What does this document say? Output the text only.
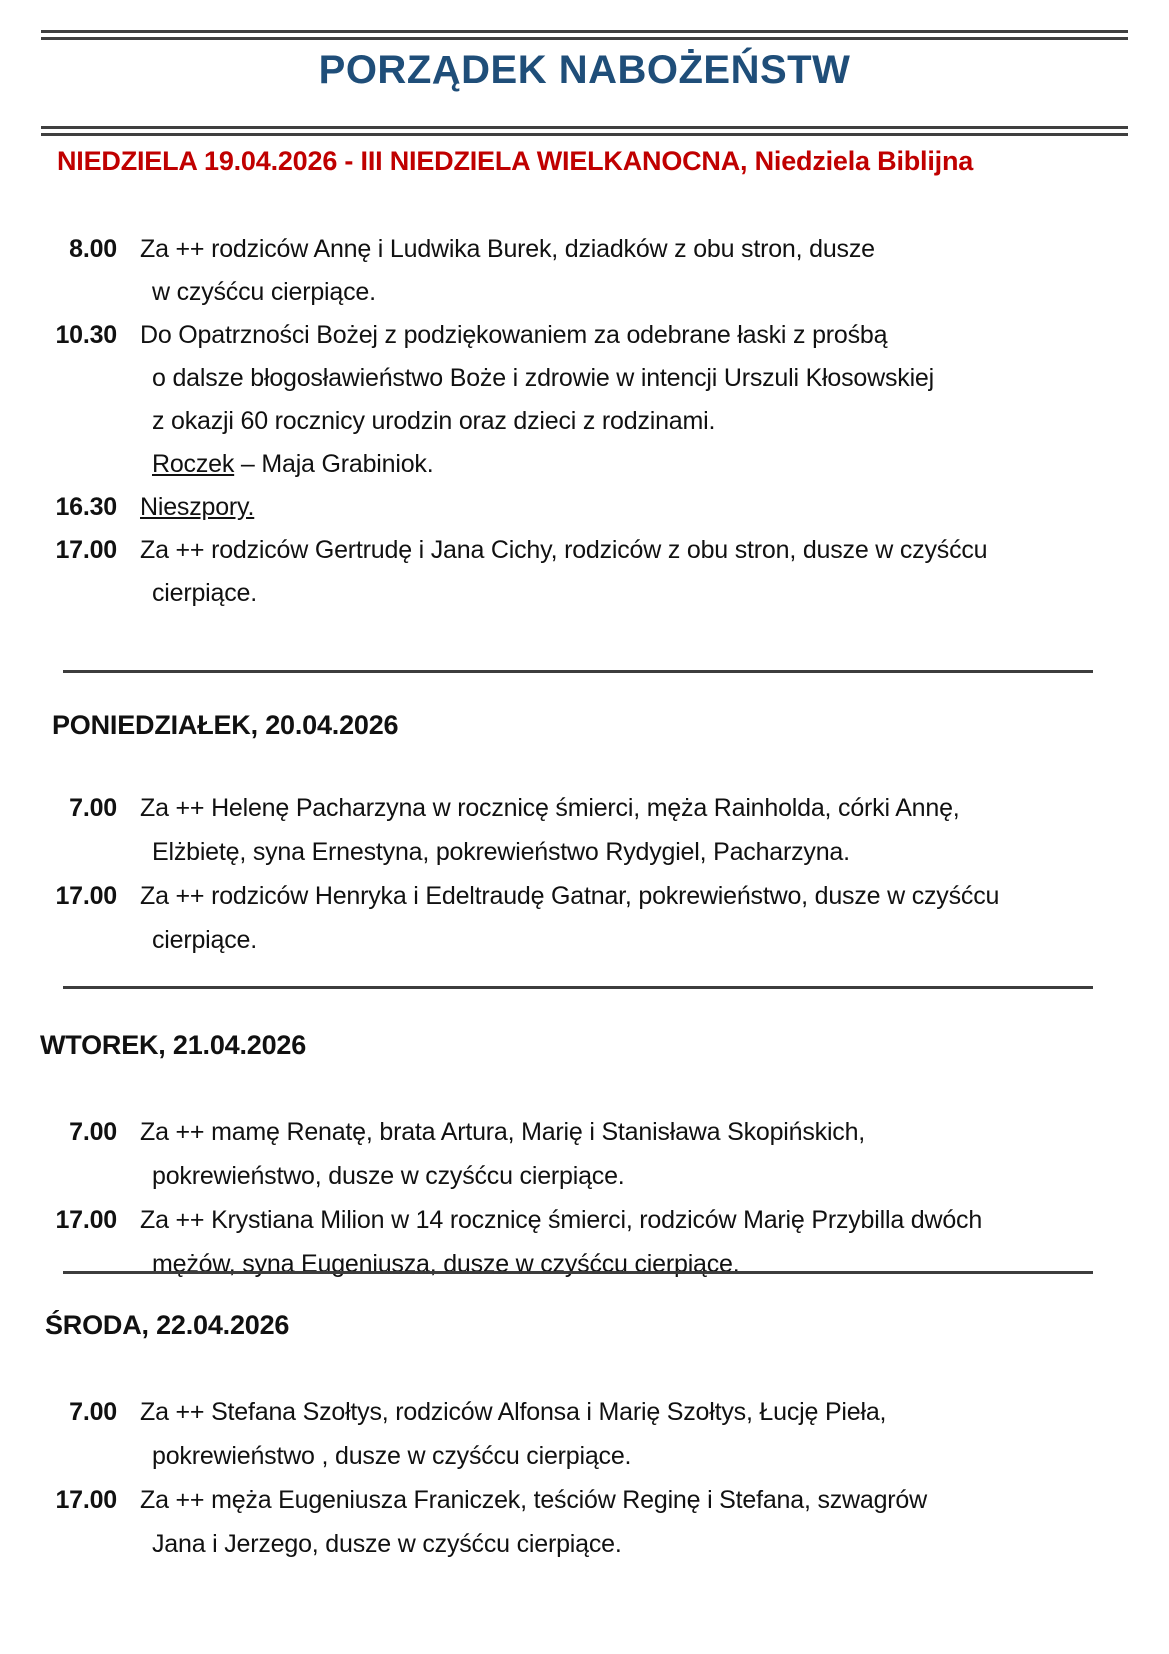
PORZĄDEK NABOŻEŃSTW
NIEDZIELA 19.04.2026 - III NIEDZIELA WIELKANOCNA, Niedziela Biblijna
8.00 Za ++ rodziców Annę i Ludwika Burek, dziadków z obu stron, dusze
w czyśćcu cierpiące.
10.30 Do Opatrzności Bożej z podziękowaniem za odebrane łaski z prośbą
o dalsze błogosławieństwo Boże i zdrowie w intencji Urszuli Kłosowskiej
z okazji 60 rocznicy urodzin oraz dzieci z rodzinami.
Roczek – Maja Grabiniok.
16.30 Nieszpory.
17.00 Za ++ rodziców Gertrudę i Jana Cichy, rodziców z obu stron, dusze w czyśćcu
cierpiące.
PONIEDZIAŁEK, 20.04.2026
7.00 Za ++ Helenę Pacharzyna w rocznicę śmierci, męża Rainholda, córki Annę,
Elżbietę, syna Ernestyna, pokrewieństwo Rydygiel, Pacharzyna.
17.00 Za ++ rodziców Henryka i Edeltraudę Gatnar, pokrewieństwo, dusze w czyśćcu
cierpiące.
WTOREK, 21.04.2026
7.00 Za ++ mamę Renatę, brata Artura, Marię i Stanisława Skopińskich,
pokrewieństwo, dusze w czyśćcu cierpiące.
17.00 Za ++ Krystiana Milion w 14 rocznicę śmierci, rodziców Marię Przybilla dwóch
mężów, syna Eugeniusza, dusze w czyśćcu cierpiące.
ŚRODA, 22.04.2026
7.00 Za ++ Stefana Szołtys, rodziców Alfonsa i Marię Szołtys, Łucję Pieła,
pokrewieństwo , dusze w czyśćcu cierpiące.
17.00 Za ++ męża Eugeniusza Franiczek, teściów Reginę i Stefana, szwagrów
Jana i Jerzego, dusze w czyśćcu cierpiące.
